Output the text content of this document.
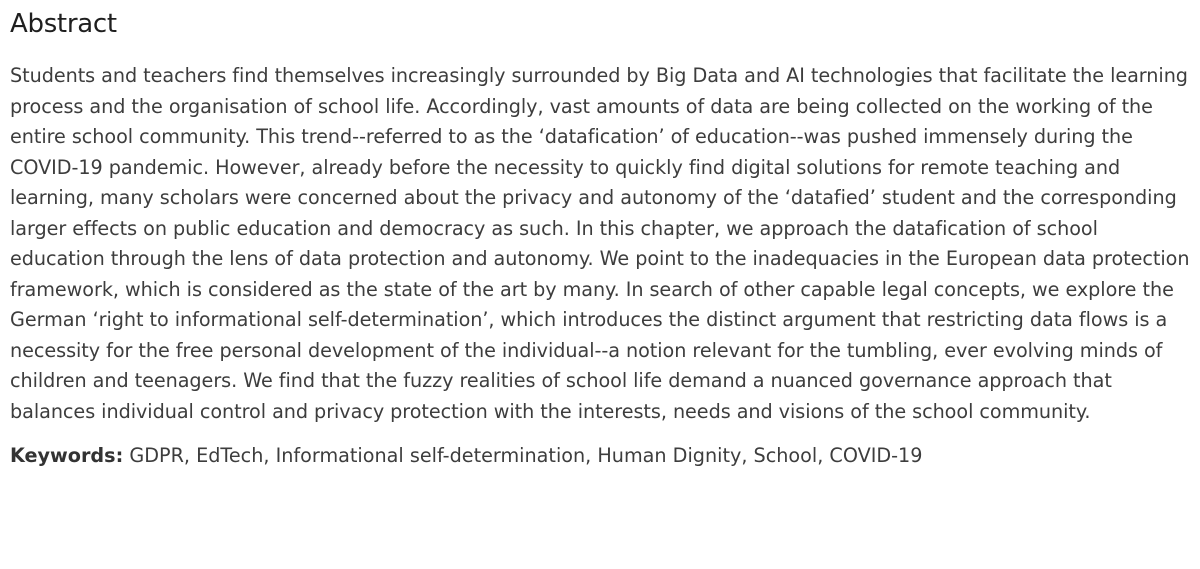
Abstract

Students and teachers find themselves increasingly surrounded by Big Data and AI technologies that facilitate the learning process and the organisation of school life. Accordingly, vast amounts of data are being collected on the working of the entire school community. This trend--referred to as the ‘datafication’ of education--was pushed immensely during the COVID-19 pandemic. However, already before the necessity to quickly find digital solutions for remote teaching and learning, many scholars were concerned about the privacy and autonomy of the ‘datafied’ student and the corresponding larger effects on public education and democracy as such. In this chapter, we approach the datafication of school education through the lens of data protection and autonomy. We point to the inadequacies in the European data protection framework, which is considered as the state of the art by many. In search of other capable legal concepts, we explore the German ‘right to informational self-determination’, which introduces the distinct argument that restricting data flows is a necessity for the free personal development of the individual--a notion relevant for the tumbling, ever evolving minds of children and teenagers. We find that the fuzzy realities of school life demand a nuanced governance approach that balances individual control and privacy protection with the interests, needs and visions of the school community.

Keywords: GDPR, EdTech, Informational self-determination, Human Dignity, School, COVID-19
